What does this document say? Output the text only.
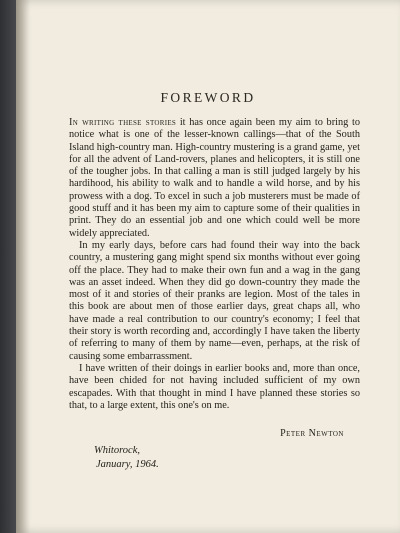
FOREWORD

In writing these stories it has once again been my aim to bring to notice what is one of the lesser-known callings—that of the South Island high-country man. High-country mustering is a grand game, yet for all the advent of Land-rovers, planes and helicopters, it is still one of the tougher jobs. In that calling a man is still judged largely by his hardihood, his ability to walk and to handle a wild horse, and by his prowess with a dog. To excel in such a job musterers must be made of good stuff and it has been my aim to capture some of their qualities in print. They do an essential job and one which could well be more widely appreciated.

In my early days, before cars had found their way into the back country, a mustering gang might spend six months without ever going off the place. They had to make their own fun and a wag in the gang was an asset indeed. When they did go down-country they made the most of it and stories of their pranks are legion. Most of the tales in this book are about men of those earlier days, great chaps all, who have made a real contribution to our country's economy; I feel that their story is worth recording and, accordingly I have taken the liberty of referring to many of them by name—even, perhaps, at the risk of causing some embarrassment.

I have written of their doings in earlier books and, more than once, have been chided for not having included sufficient of my own escapades. With that thought in mind I have planned these stories so that, to a large extent, this one's on me.

Peter Newton
Whitorock,
January, 1964.
